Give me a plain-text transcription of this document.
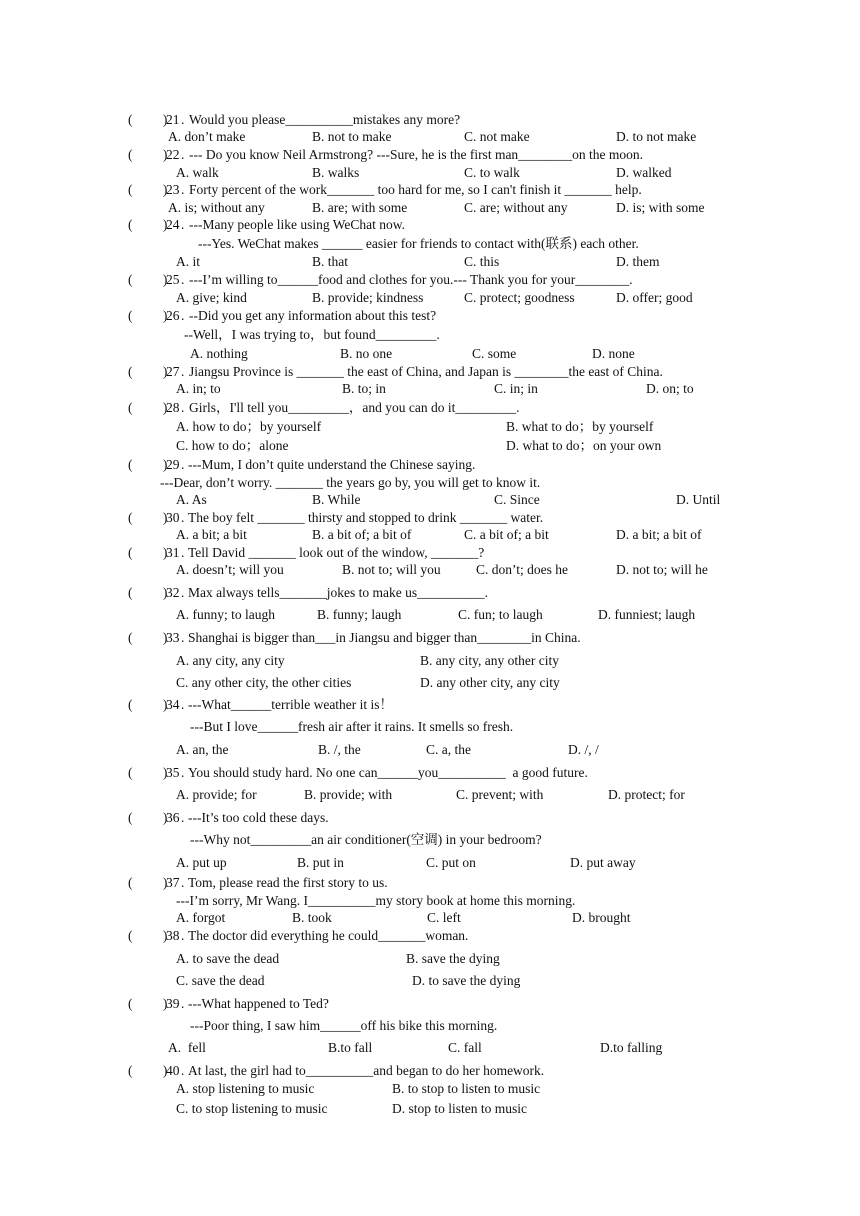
(         )
21 . Would you please__________mistakes any more?
A. don’t make	B. not to make	C. not make	D. to not make
(         )
22 . --- Do you know Neil Armstrong? ---Sure, he is the first man________on the moon.
A. walk	B. walks	C. to walk	D. walked
(         )
23 . Forty percent of the work_______ too hard for me, so I can't finish it _______ help.
A. is; without any	B. are; with some	C. are; without any	D. is; with some
(         )
24 . ---Many people like using WeChat now.
---Yes. WeChat makes ______ easier for friends to contact with(联系) each other.
A. it	B. that	C. this	D. them
(         )
25 . ---I’m willing to______food and clothes for you.--- Thank you for your________.
A. give; kind	B. provide; kindness	C. protect; goodness	D. offer; good
(         )
26 . --Did you get any information about this test?
--Well，I was trying to，but found_________.
A. nothing	B. no one	C. some	D. none
(         )
27 . Jiangsu Province is _______ the east of China, and Japan is ________the east of China.
A. in; to	B. to; in	C. in; in	D. on; to
(         )
28 . Girls，I'll tell you_________，and you can do it_________.
A. how to do；by yourself	B. what to do；by yourself
C. how to do；alone	D. what to do；on your own
(         )
29 . ---Mum, I don’t quite understand the Chinese saying.
---Dear, don’t worry. _______ the years go by, you will get to know it.
A. As	B. While	C. Since	D. Until
(         )
30 . The boy felt _______ thirsty and stopped to drink _______ water.
A. a bit; a bit	B. a bit of; a bit of	C. a bit of; a bit	D. a bit; a bit of
(         )
31 . Tell David _______ look out of the window, _______?
A. doesn’t; will you	B. not to; will you	C. don’t; does he	D. not to; will he
(         )
32 . Max always tells_______jokes to make us__________.
A. funny; to laugh	B. funny; laugh	C. fun; to laugh	D. funniest; laugh
(         )
33 . Shanghai is bigger than___in Jiangsu and bigger than________in China.
A. any city, any city	B. any city, any other city
C. any other city, the other cities	D. any other city, any city
(         )
34 . ---What______terrible weather it is！
---But I love______fresh air after it rains. It smells so fresh.
A. an, the	B. /, the	C. a, the	D. /, /
(         )
35 . You should study hard. No one can______you__________  a good future.
A. provide; for	B. provide; with	C. prevent; with	D. protect; for
(         )
36 . ---It’s too cold these days.
---Why not_________an air conditioner(空调) in your bedroom?
A. put up	B. put in	C. put on	D. put away
(         )
37 . Tom, please read the first story to us.
---I’m sorry, Mr Wang. I__________my story book at home this morning.
A. forgot	B. took	C. left	D. brought
(         )
38 . The doctor did everything he could_______woman.
A. to save the dead	B. save the dying
C. save the dead	D. to save the dying
(         )
39 . ---What happened to Ted?
---Poor thing, I saw him______off his bike this morning.
A.  fell	B.to fall	C. fall	D.to falling
(         )
40 . At last, the girl had to__________and began to do her homework.
A. stop listening to music	B. to stop to listen to music
C. to stop listening to music	D. stop to listen to music
